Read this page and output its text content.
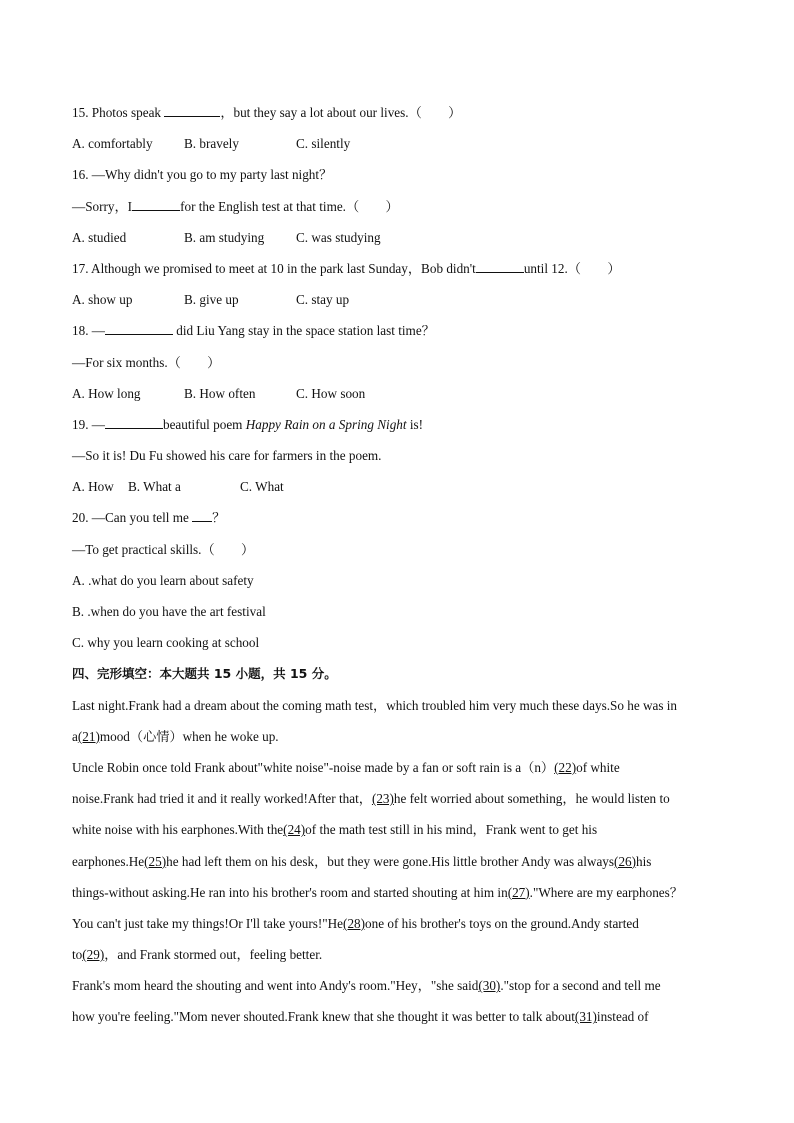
15. Photos speak	，but they say a lot about our lives.（　　）
A. comfortably B. bravely	C. silently
16. —Why didn't you go to my party last night？
—Sorry，I	for the English test at that time.（　　）
A. studied	B. am studying C. was studying
17. Although we promised to meet at 10 in the park last Sunday，Bob didn't	until 12.（　　）
A. show up	B. give up	C. stay up
18. —	did Liu Yang stay in the space station last time？
—For six months.（　　）
A. How long	B. How often	C. How soon
19. —	beautiful poem Happy Rain on a Spring Night is!
—So it is! Du Fu showed his care for farmers in the poem.
A. How B. What a	C. What
20. —Can you tell me ？
—To get practical skills.（　　）
A. .what do you learn about safety
B. .when do you have the art festival
C. why you learn cooking at school
四、完形填空：本大题共 15 小题，共 15 分。
Last night.Frank had a dream about the coming math test，which troubled him very much these days.So he was in
a(21)mood（心情）when he woke up.
Uncle Robin once told Frank about"white noise"-noise made by a fan or soft rain is a（n）(22)of white
noise.Frank had tried it and it really worked!After that，(23)he felt worried about something，he would listen to
white noise with his earphones.With the(24)of the math test still in his mind，Frank went to get his
earphones.He(25)he had left them on his desk，but they were gone.His little brother Andy was always(26)his
things-without asking.He ran into his brother's room and started shouting at him in(27)."Where are my earphones？
You can't just take my things!Or I'll take yours!"He(28)one of his brother's toys on the ground.Andy started
to(29)，and Frank stormed out，feeling better.
Frank's mom heard the shouting and went into Andy's room."Hey，"she said(30)."stop for a second and tell me
how you're feeling."Mom never shouted.Frank knew that she thought it was better to talk about(31)instead of
